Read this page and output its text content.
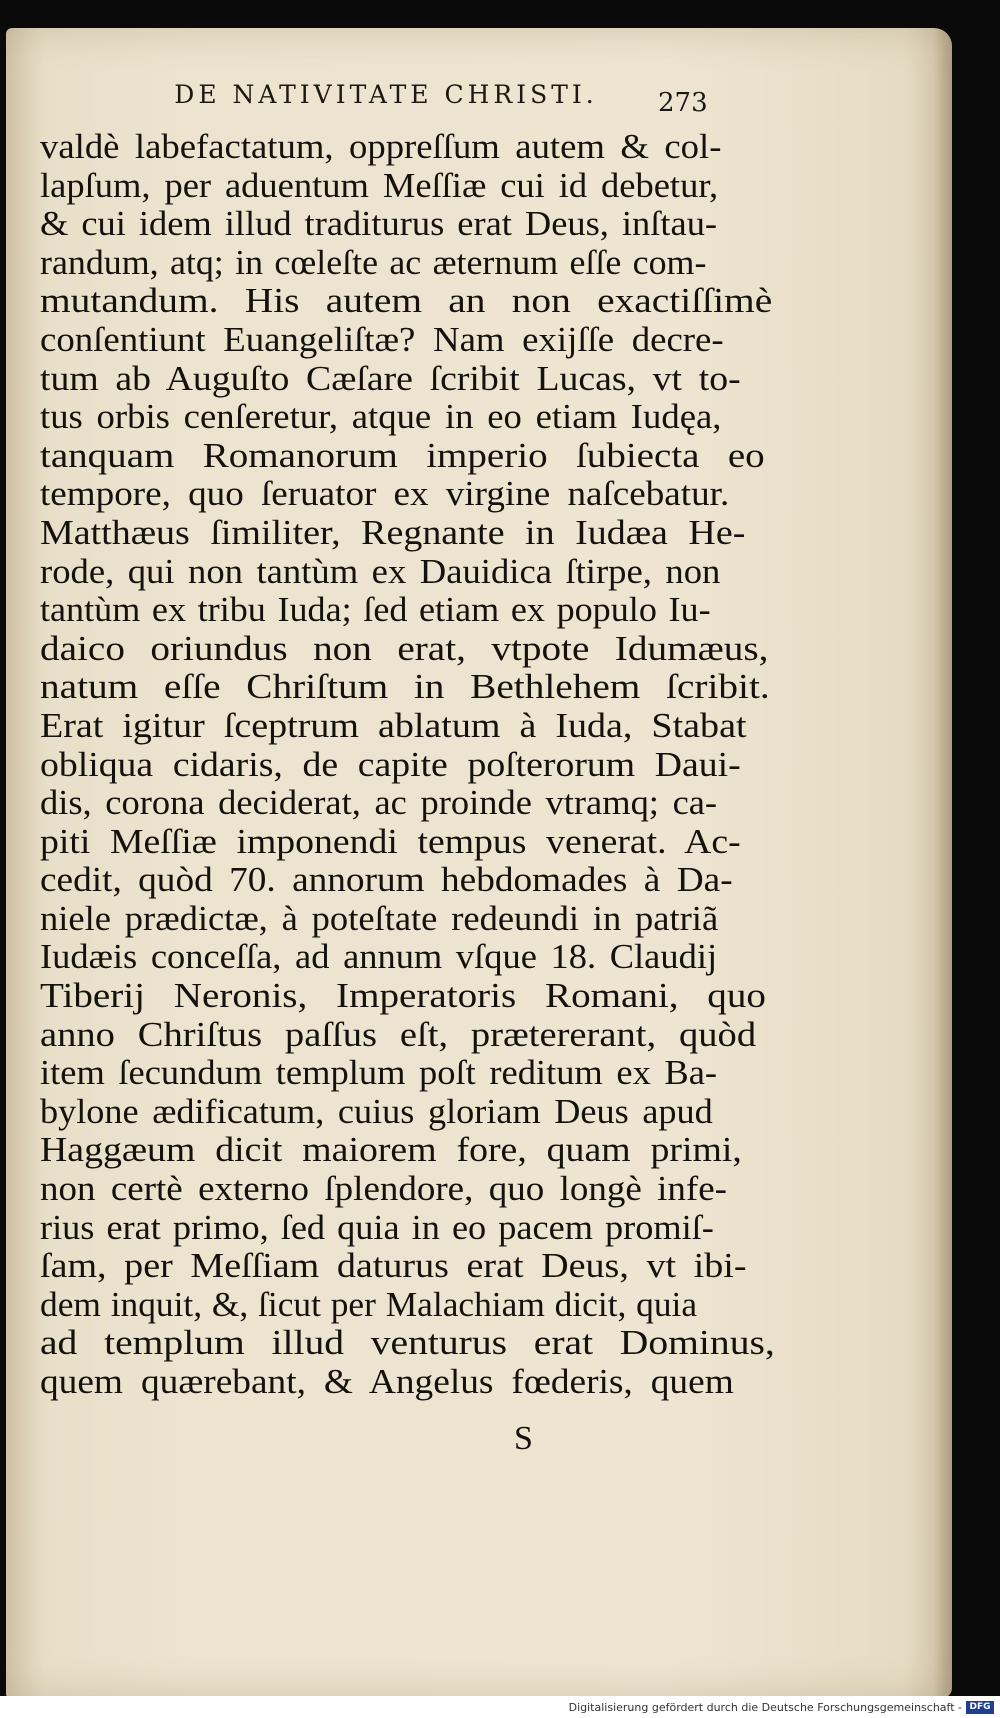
DE NATIVITATE CHRISTI.	273
valdè labefactatum, oppreſſum autem & col-
lapſum, per aduentum Meſſiæ cui id debetur,
& cui idem illud traditurus erat Deus, inſtau-
randum, atq; in cœleſte ac æternum eſſe com-
mutandum. His autem an non exactiſſimè
conſentiunt Euangeliſtæ? Nam exijſſe decre-
tum ab Auguſto Cæſare ſcribit Lucas, vt to-
tus orbis cenſeretur, atque in eo etiam Iudęa,
tanquam Romanorum imperio ſubiecta eo
tempore, quo ſeruator ex virgine naſcebatur.
Matthæus ſimiliter, Regnante in Iudæa He-
rode, qui non tantùm ex Dauidica ſtirpe, non
tantùm ex tribu Iuda; ſed etiam ex populo Iu-
daico oriundus non erat, vtpote Idumæus,
natum eſſe Chriſtum in Bethlehem ſcribit.
Erat igitur ſceptrum ablatum à Iuda, Stabat
obliqua cidaris, de capite poſterorum Daui-
dis, corona deciderat, ac proinde vtramq; ca-
piti Meſſiæ imponendi tempus venerat. Ac-
cedit, quòd 70. annorum hebdomades à Da-
niele prædictæ, à poteſtate redeundi in patriã
Iudæis conceſſa, ad annum vſque 18. Claudij
Tiberij Neronis, Imperatoris Romani, quo
anno Chriſtus paſſus eſt, prætererant, quòd
item ſecundum templum poſt reditum ex Ba-
bylone ædificatum, cuius gloriam Deus apud
Haggæum dicit maiorem fore, quam primi,
non certè externo ſplendore, quo longè infe-
rius erat primo, ſed quia in eo pacem promiſ-
ſam, per Meſſiam daturus erat Deus, vt ibi-
dem inquit, &, ſicut per Malachiam dicit, quia
ad templum illud venturus erat Dominus,
quem quærebant, & Angelus fœderis, quem
S
Digitalisierung gefördert durch die Deutsche Forschungsgemeinschaft - DFG
